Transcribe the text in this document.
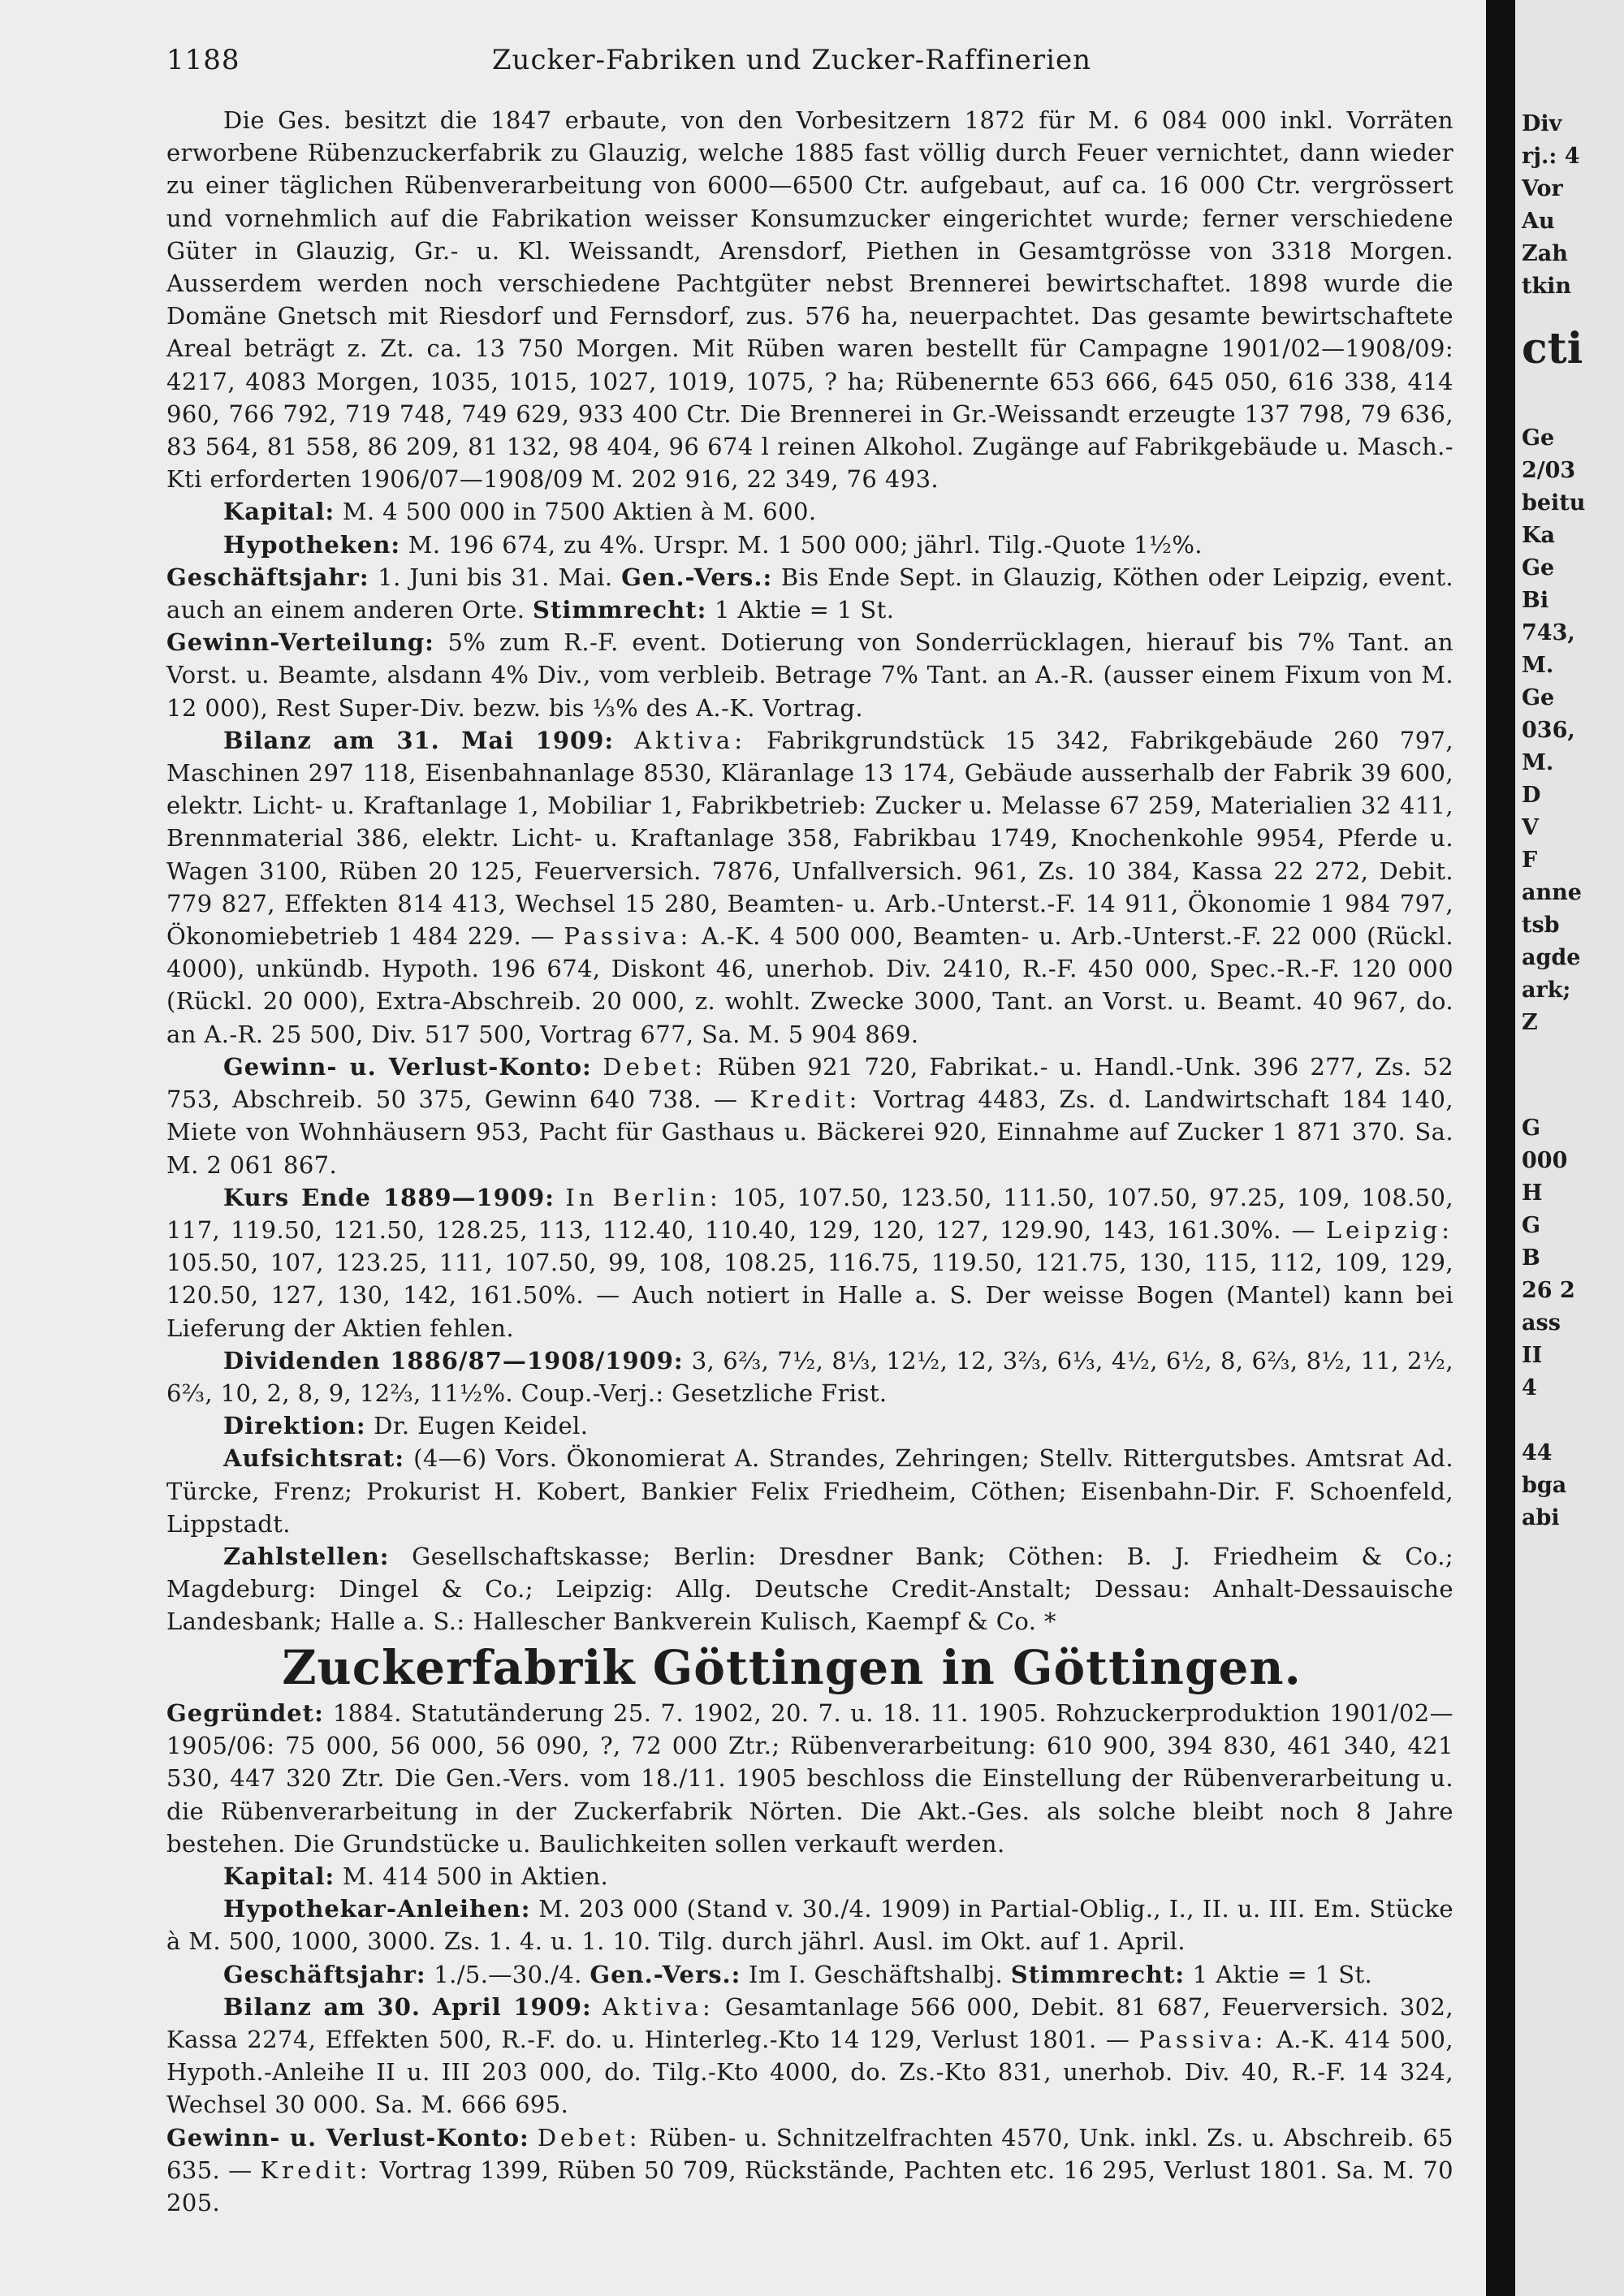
1188	Zucker-Fabriken und Zucker-Raffinerien

Die Ges. besitzt die 1847 erbaute, von den Vorbesitzern 1872 für M. 6 084 000 inkl. Vorräten erworbene Rübenzuckerfabrik zu Glauzig, welche 1885 fast völlig durch Feuer vernichtet, dann wieder zu einer täglichen Rübenverarbeitung von 6000—6500 Ctr. aufgebaut, auf ca. 16 000 Ctr. vergrössert und vornehmlich auf die Fabrikation weisser Konsumzucker eingerichtet wurde; ferner verschiedene Güter in Glauzig, Gr.- u. Kl. Weissandt, Arensdorf, Piethen in Gesamtgrösse von 3318 Morgen. Ausserdem werden noch verschiedene Pachtgüter nebst Brennerei bewirtschaftet. 1898 wurde die Domäne Gnetsch mit Riesdorf und Fernsdorf, zus. 576 ha, neuerpachtet. Das gesamte bewirtschaftete Areal beträgt z. Zt. ca. 13 750 Morgen. Mit Rüben waren bestellt für Campagne 1901/02—1908/09: 4217, 4083 Morgen, 1035, 1015, 1027, 1019, 1075, ? ha; Rübenernte 653 666, 645 050, 616 338, 414 960, 766 792, 719 748, 749 629, 933 400 Ctr. Die Brennerei in Gr.-Weissandt erzeugte 137 798, 79 636, 83 564, 81 558, 86 209, 81 132, 98 404, 96 674 l reinen Alkohol. Zugänge auf Fabrikgebäude u. Masch.-Kti erforderten 1906/07—1908/09 M. 202 916, 22 349, 76 493.

Kapital: M. 4 500 000 in 7500 Aktien à M. 600.

Hypotheken: M. 196 674, zu 4%. Urspr. M. 1 500 000; jährl. Tilg.-Quote 1½%.

Geschäftsjahr: 1. Juni bis 31. Mai. Gen.-Vers.: Bis Ende Sept. in Glauzig, Köthen oder Leipzig, event. auch an einem anderen Orte. Stimmrecht: 1 Aktie = 1 St.

Gewinn-Verteilung: 5% zum R.-F. event. Dotierung von Sonderrücklagen, hierauf bis 7% Tant. an Vorst. u. Beamte, alsdann 4% Div., vom verbleib. Betrage 7% Tant. an A.-R. (ausser einem Fixum von M. 12 000), Rest Super-Div. bezw. bis ⅓% des A.-K. Vortrag.

Bilanz am 31. Mai 1909: Aktiva: Fabrikgrundstück 15 342, Fabrikgebäude 260 797, Maschinen 297 118, Eisenbahnanlage 8530, Kläranlage 13 174, Gebäude ausserhalb der Fabrik 39 600, elektr. Licht- u. Kraftanlage 1, Mobiliar 1, Fabrikbetrieb: Zucker u. Melasse 67 259, Materialien 32 411, Brennmaterial 386, elektr. Licht- u. Kraftanlage 358, Fabrikbau 1749, Knochenkohle 9954, Pferde u. Wagen 3100, Rüben 20 125, Feuerversich. 7876, Unfallversich. 961, Zs. 10 384, Kassa 22 272, Debit. 779 827, Effekten 814 413, Wechsel 15 280, Beamten- u. Arb.-Unterst.-F. 14 911, Ökonomie 1 984 797, Ökonomiebetrieb 1 484 229. — Passiva: A.-K. 4 500 000, Beamten- u. Arb.-Unterst.-F. 22 000 (Rückl. 4000), unkündb. Hypoth. 196 674, Diskont 46, unerhob. Div. 2410, R.-F. 450 000, Spec.-R.-F. 120 000 (Rückl. 20 000), Extra-Abschreib. 20 000, z. wohlt. Zwecke 3000, Tant. an Vorst. u. Beamt. 40 967, do. an A.-R. 25 500, Div. 517 500, Vortrag 677, Sa. M. 5 904 869.

Gewinn- u. Verlust-Konto: Debet: Rüben 921 720, Fabrikat.- u. Handl.-Unk. 396 277, Zs. 52 753, Abschreib. 50 375, Gewinn 640 738. — Kredit: Vortrag 4483, Zs. d. Landwirtschaft 184 140, Miete von Wohnhäusern 953, Pacht für Gasthaus u. Bäckerei 920, Einnahme auf Zucker 1 871 370. Sa. M. 2 061 867.

Kurs Ende 1889—1909: In Berlin: 105, 107.50, 123.50, 111.50, 107.50, 97.25, 109, 108.50, 117, 119.50, 121.50, 128.25, 113, 112.40, 110.40, 129, 120, 127, 129.90, 143, 161.30%. — Leipzig: 105.50, 107, 123.25, 111, 107.50, 99, 108, 108.25, 116.75, 119.50, 121.75, 130, 115, 112, 109, 129, 120.50, 127, 130, 142, 161.50%. — Auch notiert in Halle a. S. Der weisse Bogen (Mantel) kann bei Lieferung der Aktien fehlen.

Dividenden 1886/87—1908/1909: 3, 6⅔, 7½, 8⅓, 12½, 12, 3⅔, 6⅓, 4½, 6½, 8, 6⅔, 8½, 11, 2½, 6⅔, 10, 2, 8, 9, 12⅔, 11½%. Coup.-Verj.: Gesetzliche Frist.

Direktion: Dr. Eugen Keidel.

Aufsichtsrat: (4—6) Vors. Ökonomierat A. Strandes, Zehringen; Stellv. Rittergutsbes. Amtsrat Ad. Türcke, Frenz; Prokurist H. Kobert, Bankier Felix Friedheim, Cöthen; Eisenbahn-Dir. F. Schoenfeld, Lippstadt.

Zahlstellen: Gesellschaftskasse; Berlin: Dresdner Bank; Cöthen: B. J. Friedheim & Co.; Magdeburg: Dingel & Co.; Leipzig: Allg. Deutsche Credit-Anstalt; Dessau: Anhalt-Dessauische Landesbank; Halle a. S.: Hallescher Bankverein Kulisch, Kaempf & Co. *

Zuckerfabrik Göttingen in Göttingen.

Gegründet: 1884. Statutänderung 25. 7. 1902, 20. 7. u. 18. 11. 1905. Rohzuckerproduktion 1901/02—1905/06: 75 000, 56 000, 56 090, ?, 72 000 Ztr.; Rübenverarbeitung: 610 900, 394 830, 461 340, 421 530, 447 320 Ztr. Die Gen.-Vers. vom 18./11. 1905 beschloss die Einstellung der Rübenverarbeitung u. die Rübenverarbeitung in der Zuckerfabrik Nörten. Die Akt.-Ges. als solche bleibt noch 8 Jahre bestehen. Die Grundstücke u. Baulichkeiten sollen verkauft werden.

Kapital: M. 414 500 in Aktien.

Hypothekar-Anleihen: M. 203 000 (Stand v. 30./4. 1909) in Partial-Oblig., I., II. u. III. Em. Stücke à M. 500, 1000, 3000. Zs. 1. 4. u. 1. 10. Tilg. durch jährl. Ausl. im Okt. auf 1. April.

Geschäftsjahr: 1./5.—30./4. Gen.-Vers.: Im I. Geschäftshalbj. Stimmrecht: 1 Aktie = 1 St.

Bilanz am 30. April 1909: Aktiva: Gesamtanlage 566 000, Debit. 81 687, Feuerversich. 302, Kassa 2274, Effekten 500, R.-F. do. u. Hinterleg.-Kto 14 129, Verlust 1801. — Passiva: A.-K. 414 500, Hypoth.-Anleihe II u. III 203 000, do. Tilg.-Kto 4000, do. Zs.-Kto 831, unerhob. Div. 40, R.-F. 14 324, Wechsel 30 000. Sa. M. 666 695.

Gewinn- u. Verlust-Konto: Debet: Rüben- u. Schnitzelfrachten 4570, Unk. inkl. Zs. u. Abschreib. 65 635. — Kredit: Vortrag 1399, Rüben 50 709, Rückstände, Pachten etc. 16 295, Verlust 1801. Sa. M. 70 205.

Div
rj.: 4
Vor
Au
Zah
tkin
cti
Ge
2/03
beitu
Ka
Ge
Bi
743,
M.
Ge
036,
M.
D
V
F
anne
tsb
agde
ark;
Z
G
000
H
G
B
26 2
ass
II
4
44
bga
abi
